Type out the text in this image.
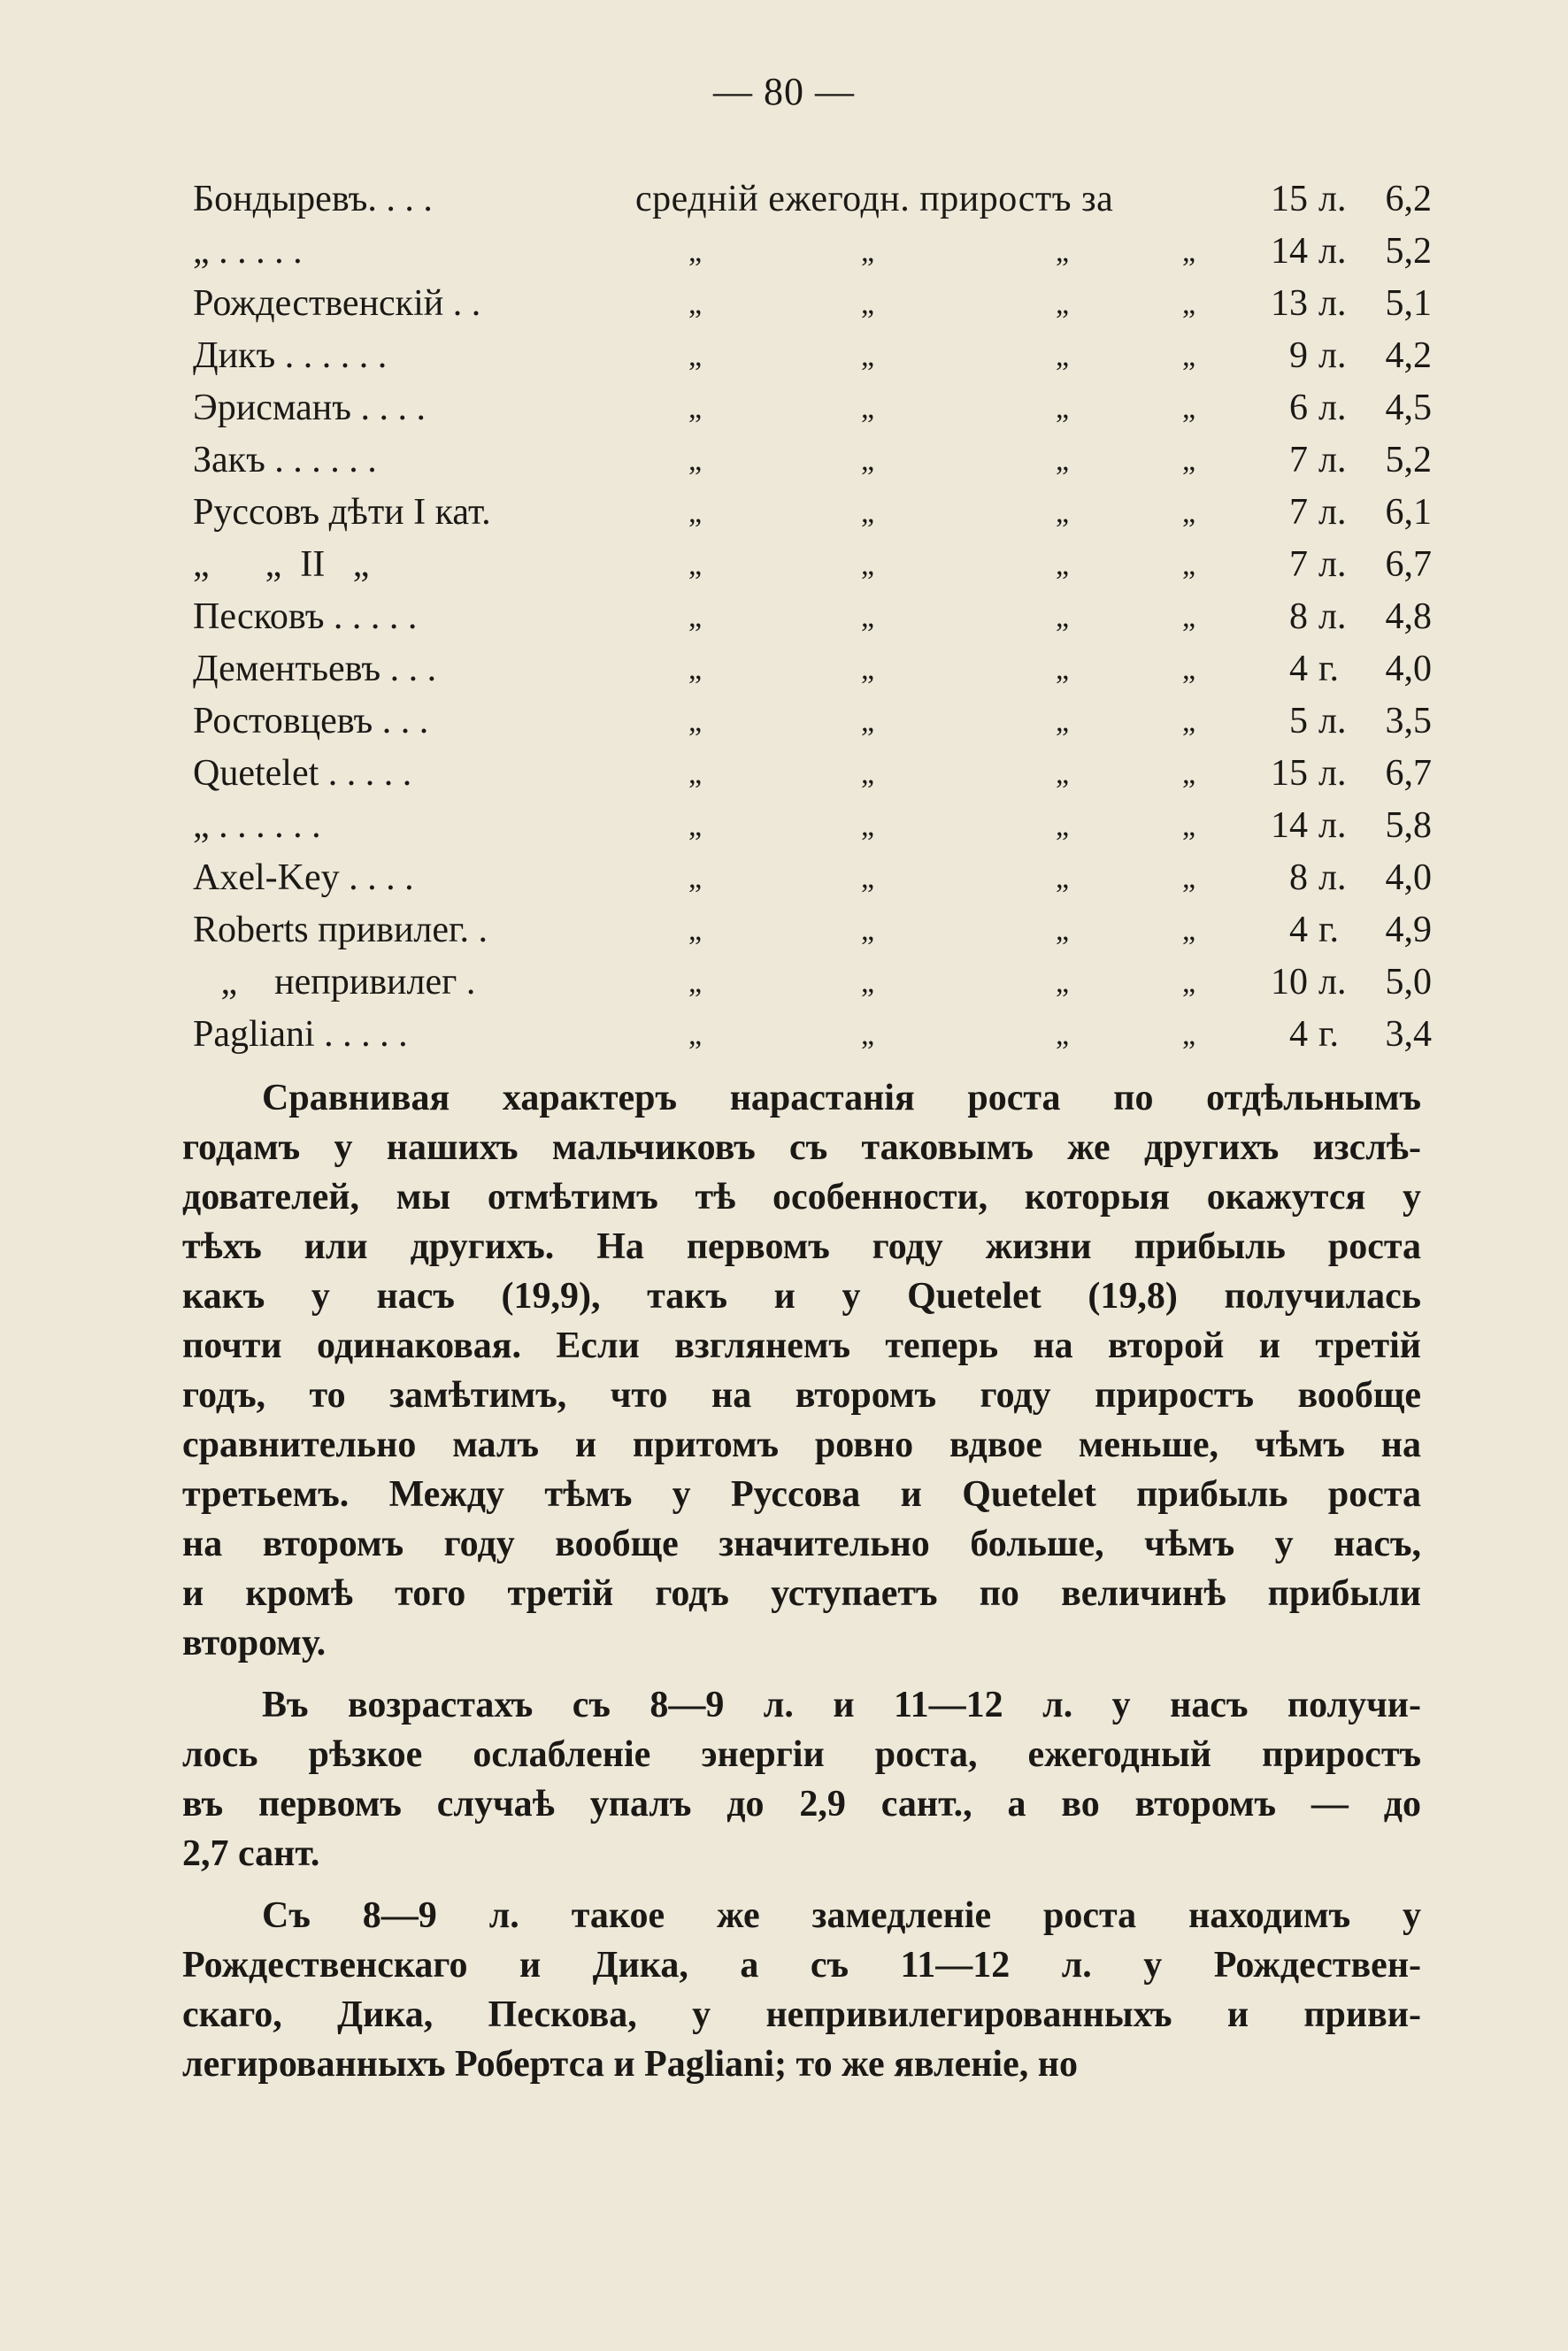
— 80 —
Бондыревъ. . . .	средній ежегодн. приростъ за	15 л. 6,2
„ . . . . .	„	„	„	„	14 л. 5,2
Рождественскій . .	„	„	„	„	13 л. 5,1
Дикъ . . . . . .	„	„	„	„	9 л. 4,2
Эрисманъ . . . .	„	„	„	„	6 л. 4,5
Закъ . . . . . .	„	„	„	„	7 л. 5,2
Руссовъ дѣти I кат.	„	„	„	„	7 л. 6,1
„      „  II   „	„	„	„	„	7 л. 6,7
Песковъ . . . . .	„	„	„	„	8 л. 4,8
Дементьевъ . . .	„	„	„	„	4 г. 4,0
Ростовцевъ . . .	„	„	„	„	5 л. 3,5
Quetelet . . . . .	„	„	„	„	15 л. 6,7
„ . . . . . .	„	„	„	„	14 л. 5,8
Axel-Key . . . .	„	„	„	„	8 л. 4,0
Roberts привилег. .	„	„	„	„	4 г. 4,9
„    непривилег .	„	„	„	„	10 л. 5,0
Pagliani . . . . .	„	„	„	„	4 г. 3,4

Сравнивая характеръ нарастанія роста по отдѣльнымъ
годамъ у нашихъ мальчиковъ съ таковымъ же другихъ изслѣ-
дователей, мы отмѣтимъ тѣ особенности, которыя окажутся у
тѣхъ или другихъ. На первомъ году жизни прибыль роста
какъ у насъ (19,9), такъ и у Quetelet (19,8) получилась
почти одинаковая. Если взглянемъ теперь на второй и третій
годъ, то замѣтимъ, что на второмъ году приростъ вообще
сравнительно малъ и притомъ ровно вдвое меньше, чѣмъ на
третьемъ. Между тѣмъ у Руссова и Quetelet прибыль роста
на второмъ году вообще значительно больше, чѣмъ у насъ,
и кромѣ того третій годъ уступаетъ по величинѣ прибыли
второму.

Въ возрастахъ съ 8—9 л. и 11—12 л. у насъ получи-
лось рѣзкое ослабленіе энергіи роста, ежегодный приростъ
въ первомъ случаѣ упалъ до 2,9 сант., а во второмъ — до
2,7 сант.

Съ 8—9 л. такое же замедленіе роста находимъ у
Рождественскаго и Дика, а съ 11—12 л. у Рождествен-
скаго, Дика, Пескова, у непривилегированныхъ и приви-
легированныхъ Робертса и Pagliani; то же явленіе, но
